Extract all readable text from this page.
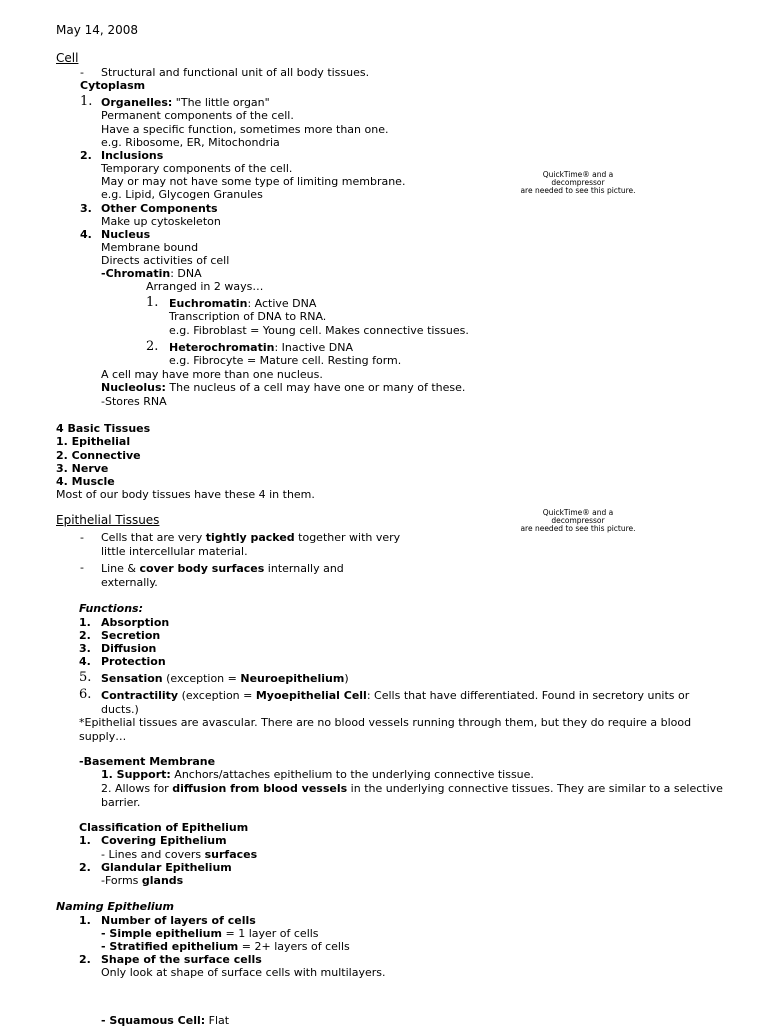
May 14, 2008
Cell
- Structural and functional unit of all body tissues.
Cytoplasm
1. Organelles: "The little organ"
Permanent components of the cell.
Have a specific function, sometimes more than one.
e.g. Ribosome, ER, Mitochondria
2. Inclusions
Temporary components of the cell.
May or may not have some type of limiting membrane.
e.g. Lipid, Glycogen Granules
3. Other Components
Make up cytoskeleton
4. Nucleus
Membrane bound
Directs activities of cell
-Chromatin: DNA
Arranged in 2 ways…
1. Euchromatin: Active DNA
Transcription of DNA to RNA.
e.g. Fibroblast = Young cell. Makes connective tissues.
2. Heterochromatin: Inactive DNA
e.g. Fibrocyte = Mature cell. Resting form.
A cell may have more than one nucleus.
Nucleolus: The nucleus of a cell may have one or many of these.
-Stores RNA
QuickTime® and a
decompressor
are needed to see this picture.
4 Basic Tissues
1. Epithelial
2. Connective
3. Nerve
4. Muscle
Most of our body tissues have these 4 in them.
Epithelial Tissues
QuickTime® and a
decompressor
are needed to see this picture.
- Cells that are very tightly packed together with very
little intercellular material.
- Line & cover body surfaces internally and
externally.
Functions:
1. Absorption
2. Secretion
3. Diffusion
4. Protection
5. Sensation (exception = Neuroepithelium)
6. Contractility (exception = Myoepithelial Cell: Cells that have differentiated. Found in secretory units or
ducts.)
*Epithelial tissues are avascular. There are no blood vessels running through them, but they do require a blood
supply…
-Basement Membrane
1. Support: Anchors/attaches epithelium to the underlying connective tissue.
2. Allows for diffusion from blood vessels in the underlying connective tissues. They are similar to a selective
barrier.
Classification of Epithelium
1. Covering Epithelium
- Lines and covers surfaces
2. Glandular Epithelium
-Forms glands
Naming Epithelium
1. Number of layers of cells
- Simple epithelium = 1 layer of cells
- Stratified epithelium = 2+ layers of cells
2. Shape of the surface cells
Only look at shape of surface cells with multilayers.
- Squamous Cell: Flat
